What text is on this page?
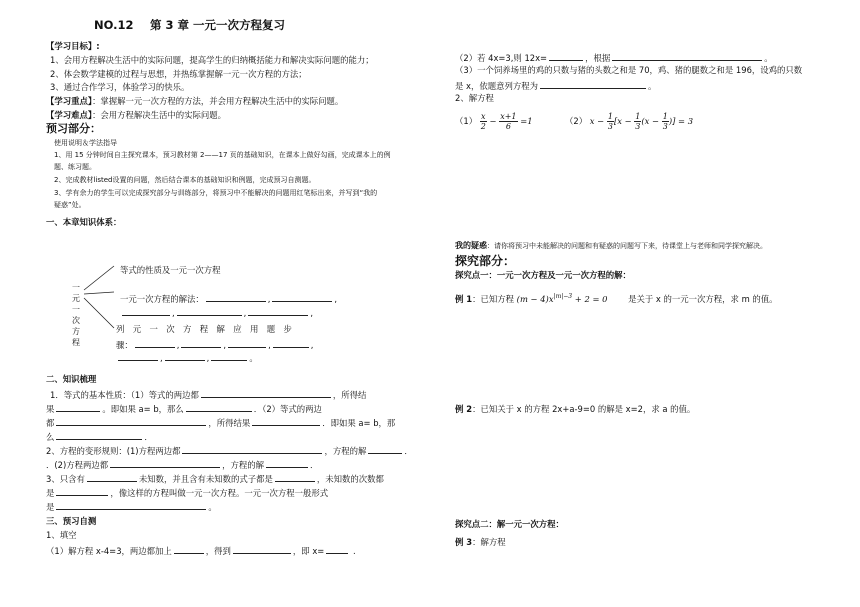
NO.12 第 3 章 一元一次方程复习
【学习目标】:
1、会用方程解决生活中的实际问题，提高学生的归纳概括能力和解决实际问题的能力；
2、体会数学建模的过程与思想，并热练掌握解一元一次方程的方法；
3、通过合作学习，体验学习的快乐。
【学习重点】：掌握解一元一次方程的方法，并会用方程解决生活中的实际问题。
【学习难点】：会用方程解决生活中的实际问题。
预习部分：
使用说明＆学法指导
1、用 15 分钟时间自主探究课本，预习教材第 2——17 页的基础知识，在课本上做好勾画，完成课本上的例
题、练习题。
2、完成教材listed设置的问题，然后结合课本的基础知识和例题，完成预习自测题。
3、学有余力的学生可以完成探究部分与训练部分，将预习中不能解决的问题用红笔标出来，并写到“我的
疑惑”处。
一、本章知识体系：
一
元
一
次
方
程
等式的性质及一元一次方程
一元一次方程的解法：	,	,
,	,	,
列　元　一　次　方　程　解　应　用　题　步
骤：	,	,	,	,
,	,	。
二、知识梳理
1．等式的基本性质：（1）等式的两边都	，所得结
果	。即如果 a= b，那么	．（2）等式的两边
都	，所得结果	．即如果 a= b，那
么	．
2、方程的变形规则：(1)方程两边都	，方程的解	．
．(2)方程两边都	，方程的解	．
3、只含有	未知数，并且含有未知数的式子都是	，未知数的次数都
是	，像这样的方程叫做一元一次方程。一元一次方程一般形式
是	。
三、预习自测
1、填空
（1）解方程 x-4=3，两边都加上	，得到	，即 x=	.
（2）若 4x=3,则 12x=	，根据	。
（3）一个饲养场里的鸡的只数与猪的头数之和是 70，鸡、猪的腿数之和是 196，设鸡的只数
是 x，依题意列方程为	。
2、解方程
$(1) \frac{x}{2} - \frac{x+1}{6} =1$	（2） $x - \frac{1}{3} [x - \frac{1}{3} (x - \frac{1}{3}$ )] = 3
我的疑惑：请你将预习中未能解决的问题和有疑惑的问题写下来，待课堂上与老师和同学探究解决。
探究部分：
探究点一：一元一次方程及一元一次方程的解：
例 1：已知方程 $(m - 4)x^{|m|-3} + 2 = 0$ 是关于 x 的一元一次方程，求 m 的值。
例 2：已知关于 x 的方程 2x+a-9=0 的解是 x=2，求 a 的值。
探究点二：解一元一次方程：
例 3：解方程
